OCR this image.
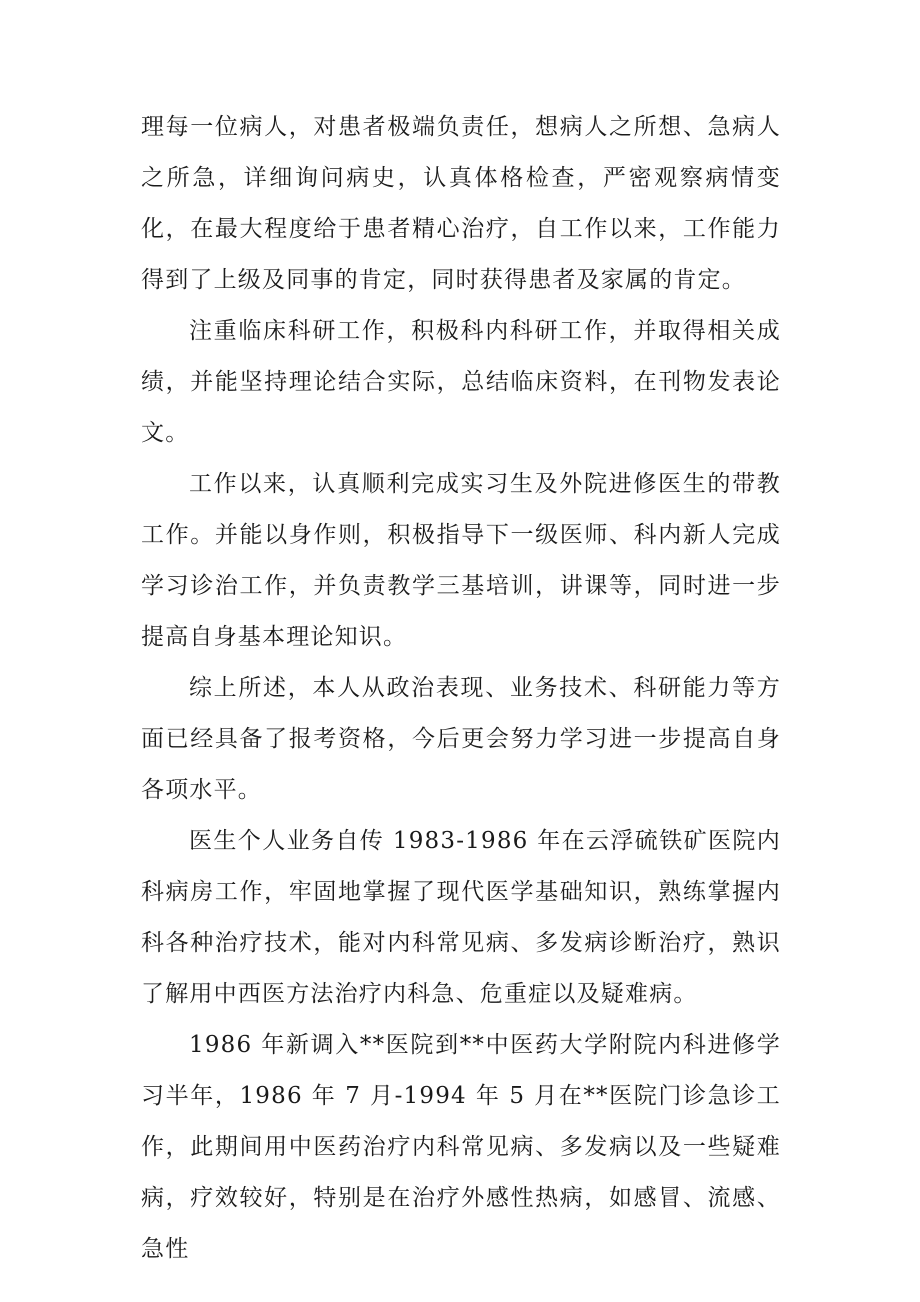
理每一位病人，对患者极端负责任，想病人之所想、急病人之所急，详细询问病史，认真体格检查，严密观察病情变化，在最大程度给于患者精心治疗，自工作以来，工作能力得到了上级及同事的肯定，同时获得患者及家属的肯定。

注重临床科研工作，积极科内科研工作，并取得相关成绩，并能坚持理论结合实际，总结临床资料，在刊物发表论文。

工作以来，认真顺利完成实习生及外院进修医生的带教工作。并能以身作则，积极指导下一级医师、科内新人完成学习诊治工作，并负责教学三基培训，讲课等，同时进一步提高自身基本理论知识。

综上所述，本人从政治表现、业务技术、科研能力等方面已经具备了报考资格，今后更会努力学习进一步提高自身各项水平。

医生个人业务自传 1983-1986 年在云浮硫铁矿医院内科病房工作，牢固地掌握了现代医学基础知识，熟练掌握内科各种治疗技术，能对内科常见病、多发病诊断治疗，熟识了解用中西医方法治疗内科急、危重症以及疑难病。

1986 年新调入**医院到**中医药大学附院内科进修学习半年，1986 年 7 月-1994 年 5 月在**医院门诊急诊工作，此期间用中医药治疗内科常见病、多发病以及一些疑难病，疗效较好，特别是在治疗外感性热病，如感冒、流感、急性
